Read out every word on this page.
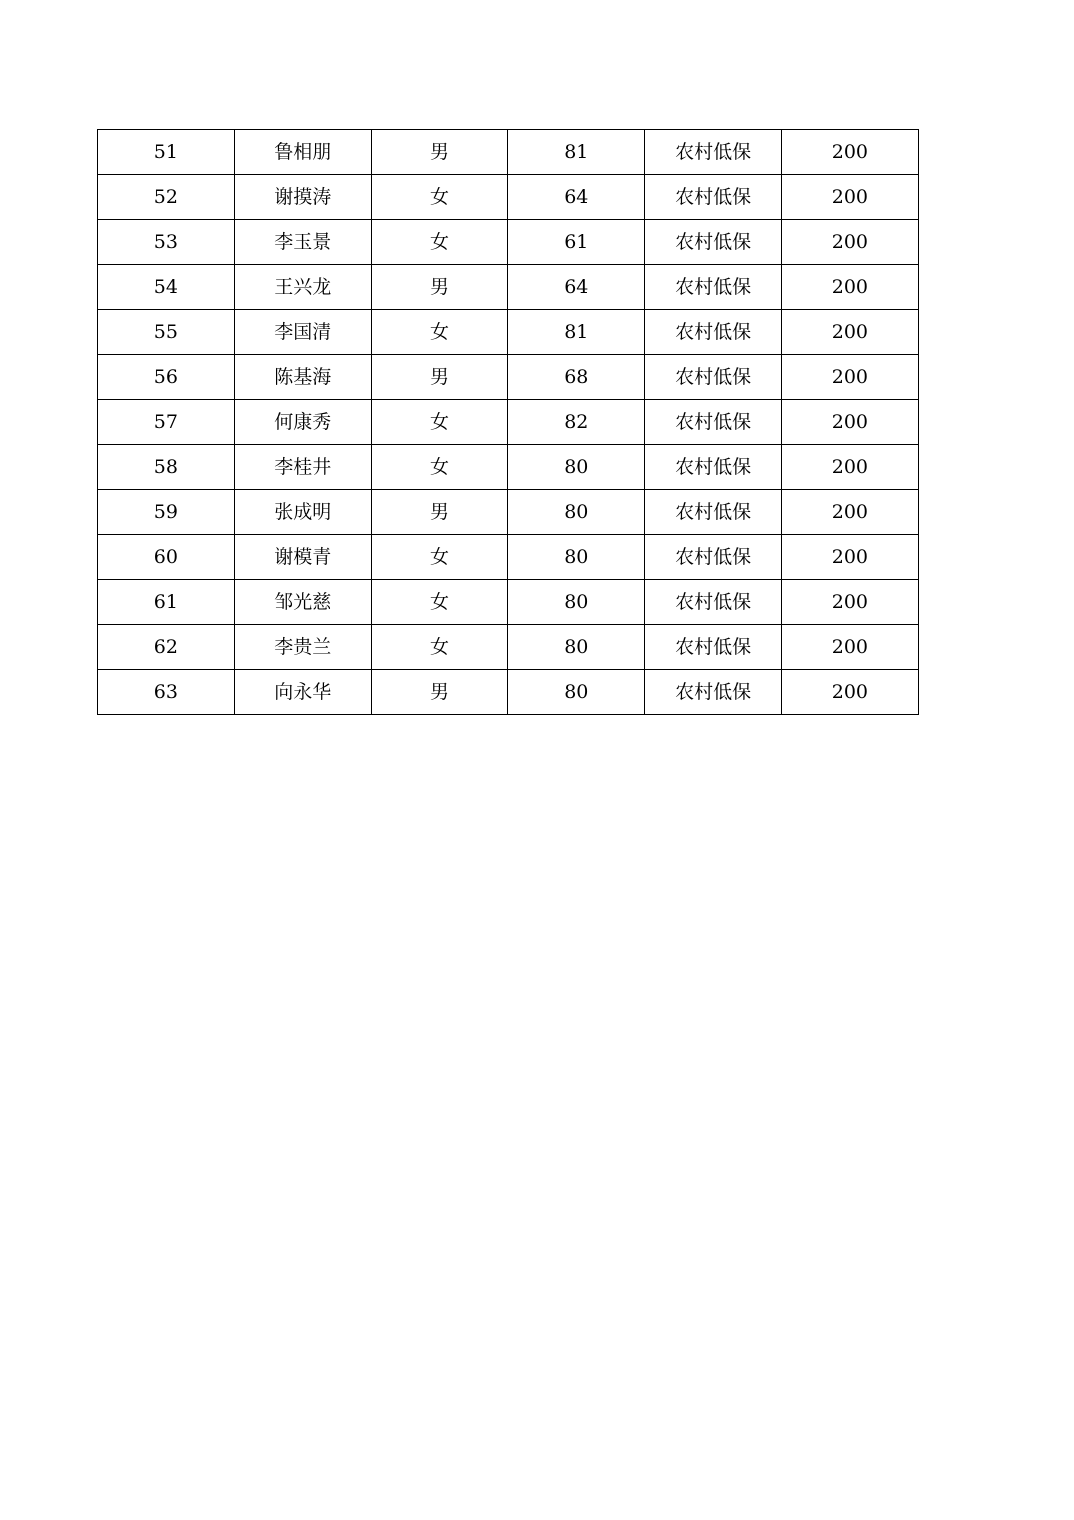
51	鲁相朋	男	81	农村低保	200
52	谢摸涛	女	64	农村低保	200
53	李玉景	女	61	农村低保	200
54	王兴龙	男	64	农村低保	200
55	李国清	女	81	农村低保	200
56	陈基海	男	68	农村低保	200
57	何康秀	女	82	农村低保	200
58	李桂井	女	80	农村低保	200
59	张成明	男	80	农村低保	200
60	谢模青	女	80	农村低保	200
61	邹光慈	女	80	农村低保	200
62	李贵兰	女	80	农村低保	200
63	向永华	男	80	农村低保	200
